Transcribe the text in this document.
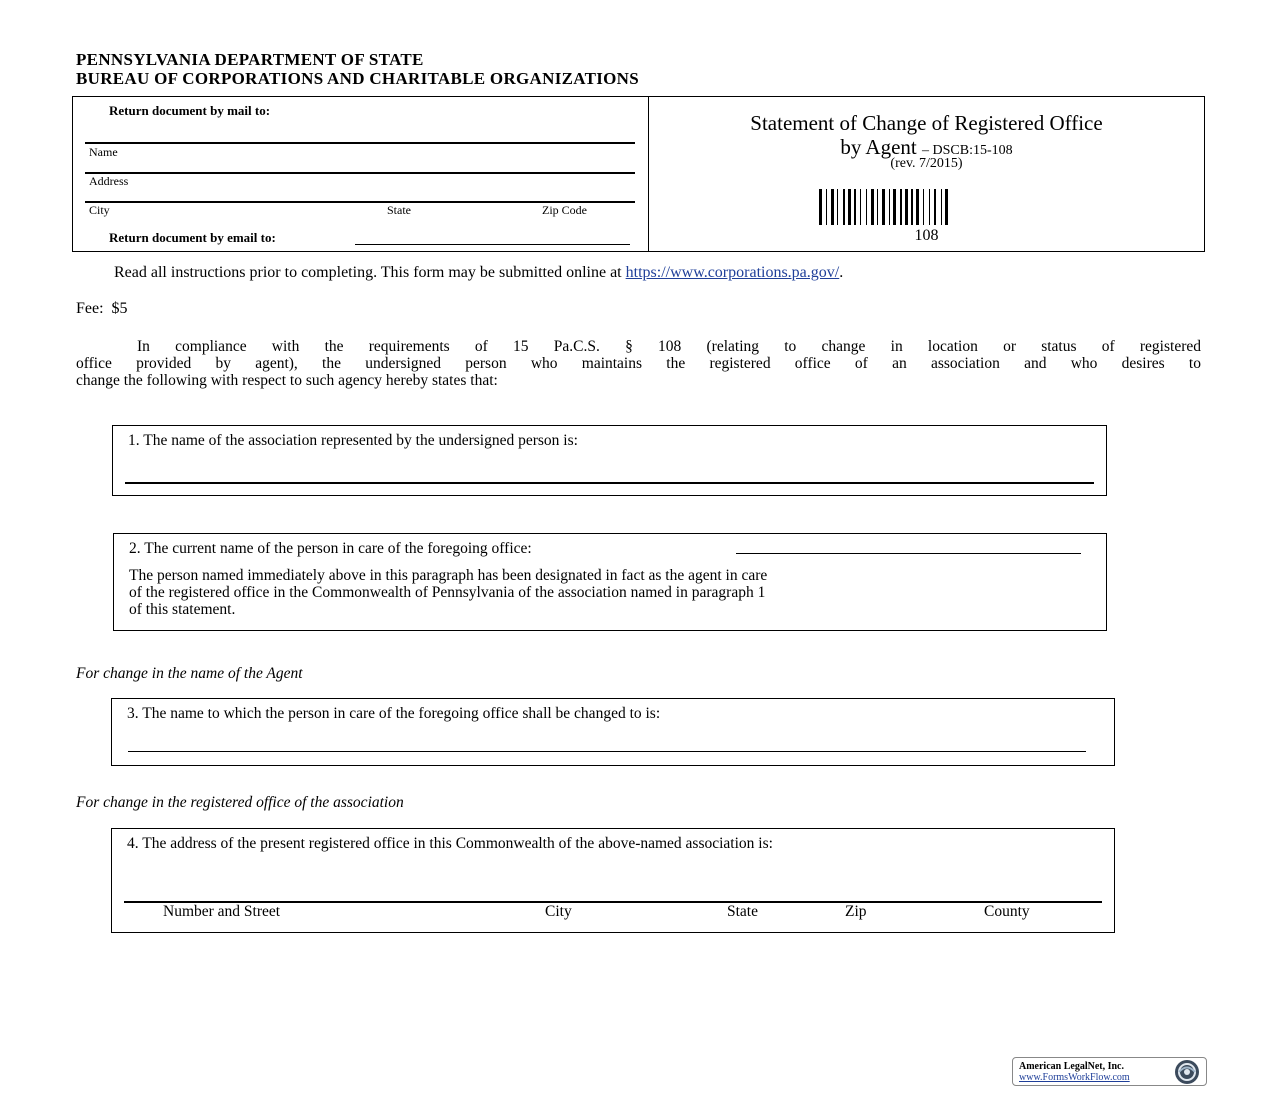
PENNSYLVANIA DEPARTMENT OF STATE
BUREAU OF CORPORATIONS AND CHARITABLE ORGANIZATIONS
Return document by mail to:
Name
Address
City	State	Zip Code
Return document by email to:
Statement of Change of Registered Office
by Agent – DSCB:15-108
(rev. 7/2015)
108
Read all instructions prior to completing. This form may be submitted online at https://www.corporations.pa.gov/.
Fee:  $5
In compliance with the requirements of 15 Pa.C.S. § 108 (relating to change in location or status of registered
office provided by agent), the undersigned person who maintains the registered office of an association and who desires to
change the following with respect to such agency hereby states that:
1. The name of the association represented by the undersigned person is:
2. The current name of the person in care of the foregoing office:
The person named immediately above in this paragraph has been designated in fact as the agent in care
of the registered office in the Commonwealth of Pennsylvania of the association named in paragraph 1
of this statement.
For change in the name of the Agent
3. The name to which the person in care of the foregoing office shall be changed to is:
For change in the registered office of the association
4. The address of the present registered office in this Commonwealth of the above-named association is:
Number and Street	City	State	Zip	County
American LegalNet, Inc.
www.FormsWorkFlow.com
